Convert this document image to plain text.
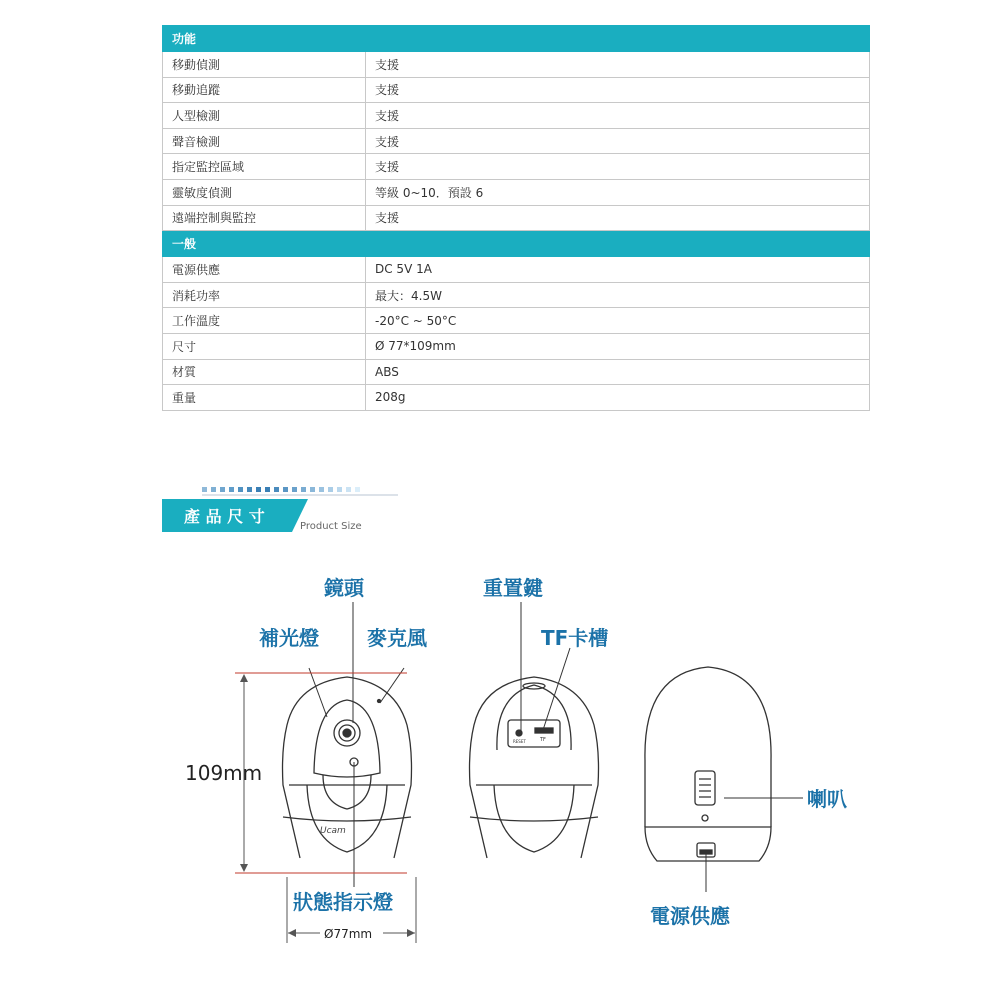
功能	
移動偵測	支援
移動追蹤	支援
人型檢測	支援
聲音檢測	支援
指定監控區域	支援
靈敏度偵測	等級 0~10．預設 6
遠端控制與監控	支援
一般	
電源供應	DC 5V 1A
消耗功率	最大：4.5W
工作溫度	-20°C ~ 50°C
尺寸	Ø 77*109mm
材質	ABS
重量	208g
產 品 尺 寸
Product Size
Ucam
RESET	TF
鏡頭
補光燈 麥克風
重置鍵
TF卡槽
喇叭
狀態指示燈
電源供應
109mm
Ø77mm
